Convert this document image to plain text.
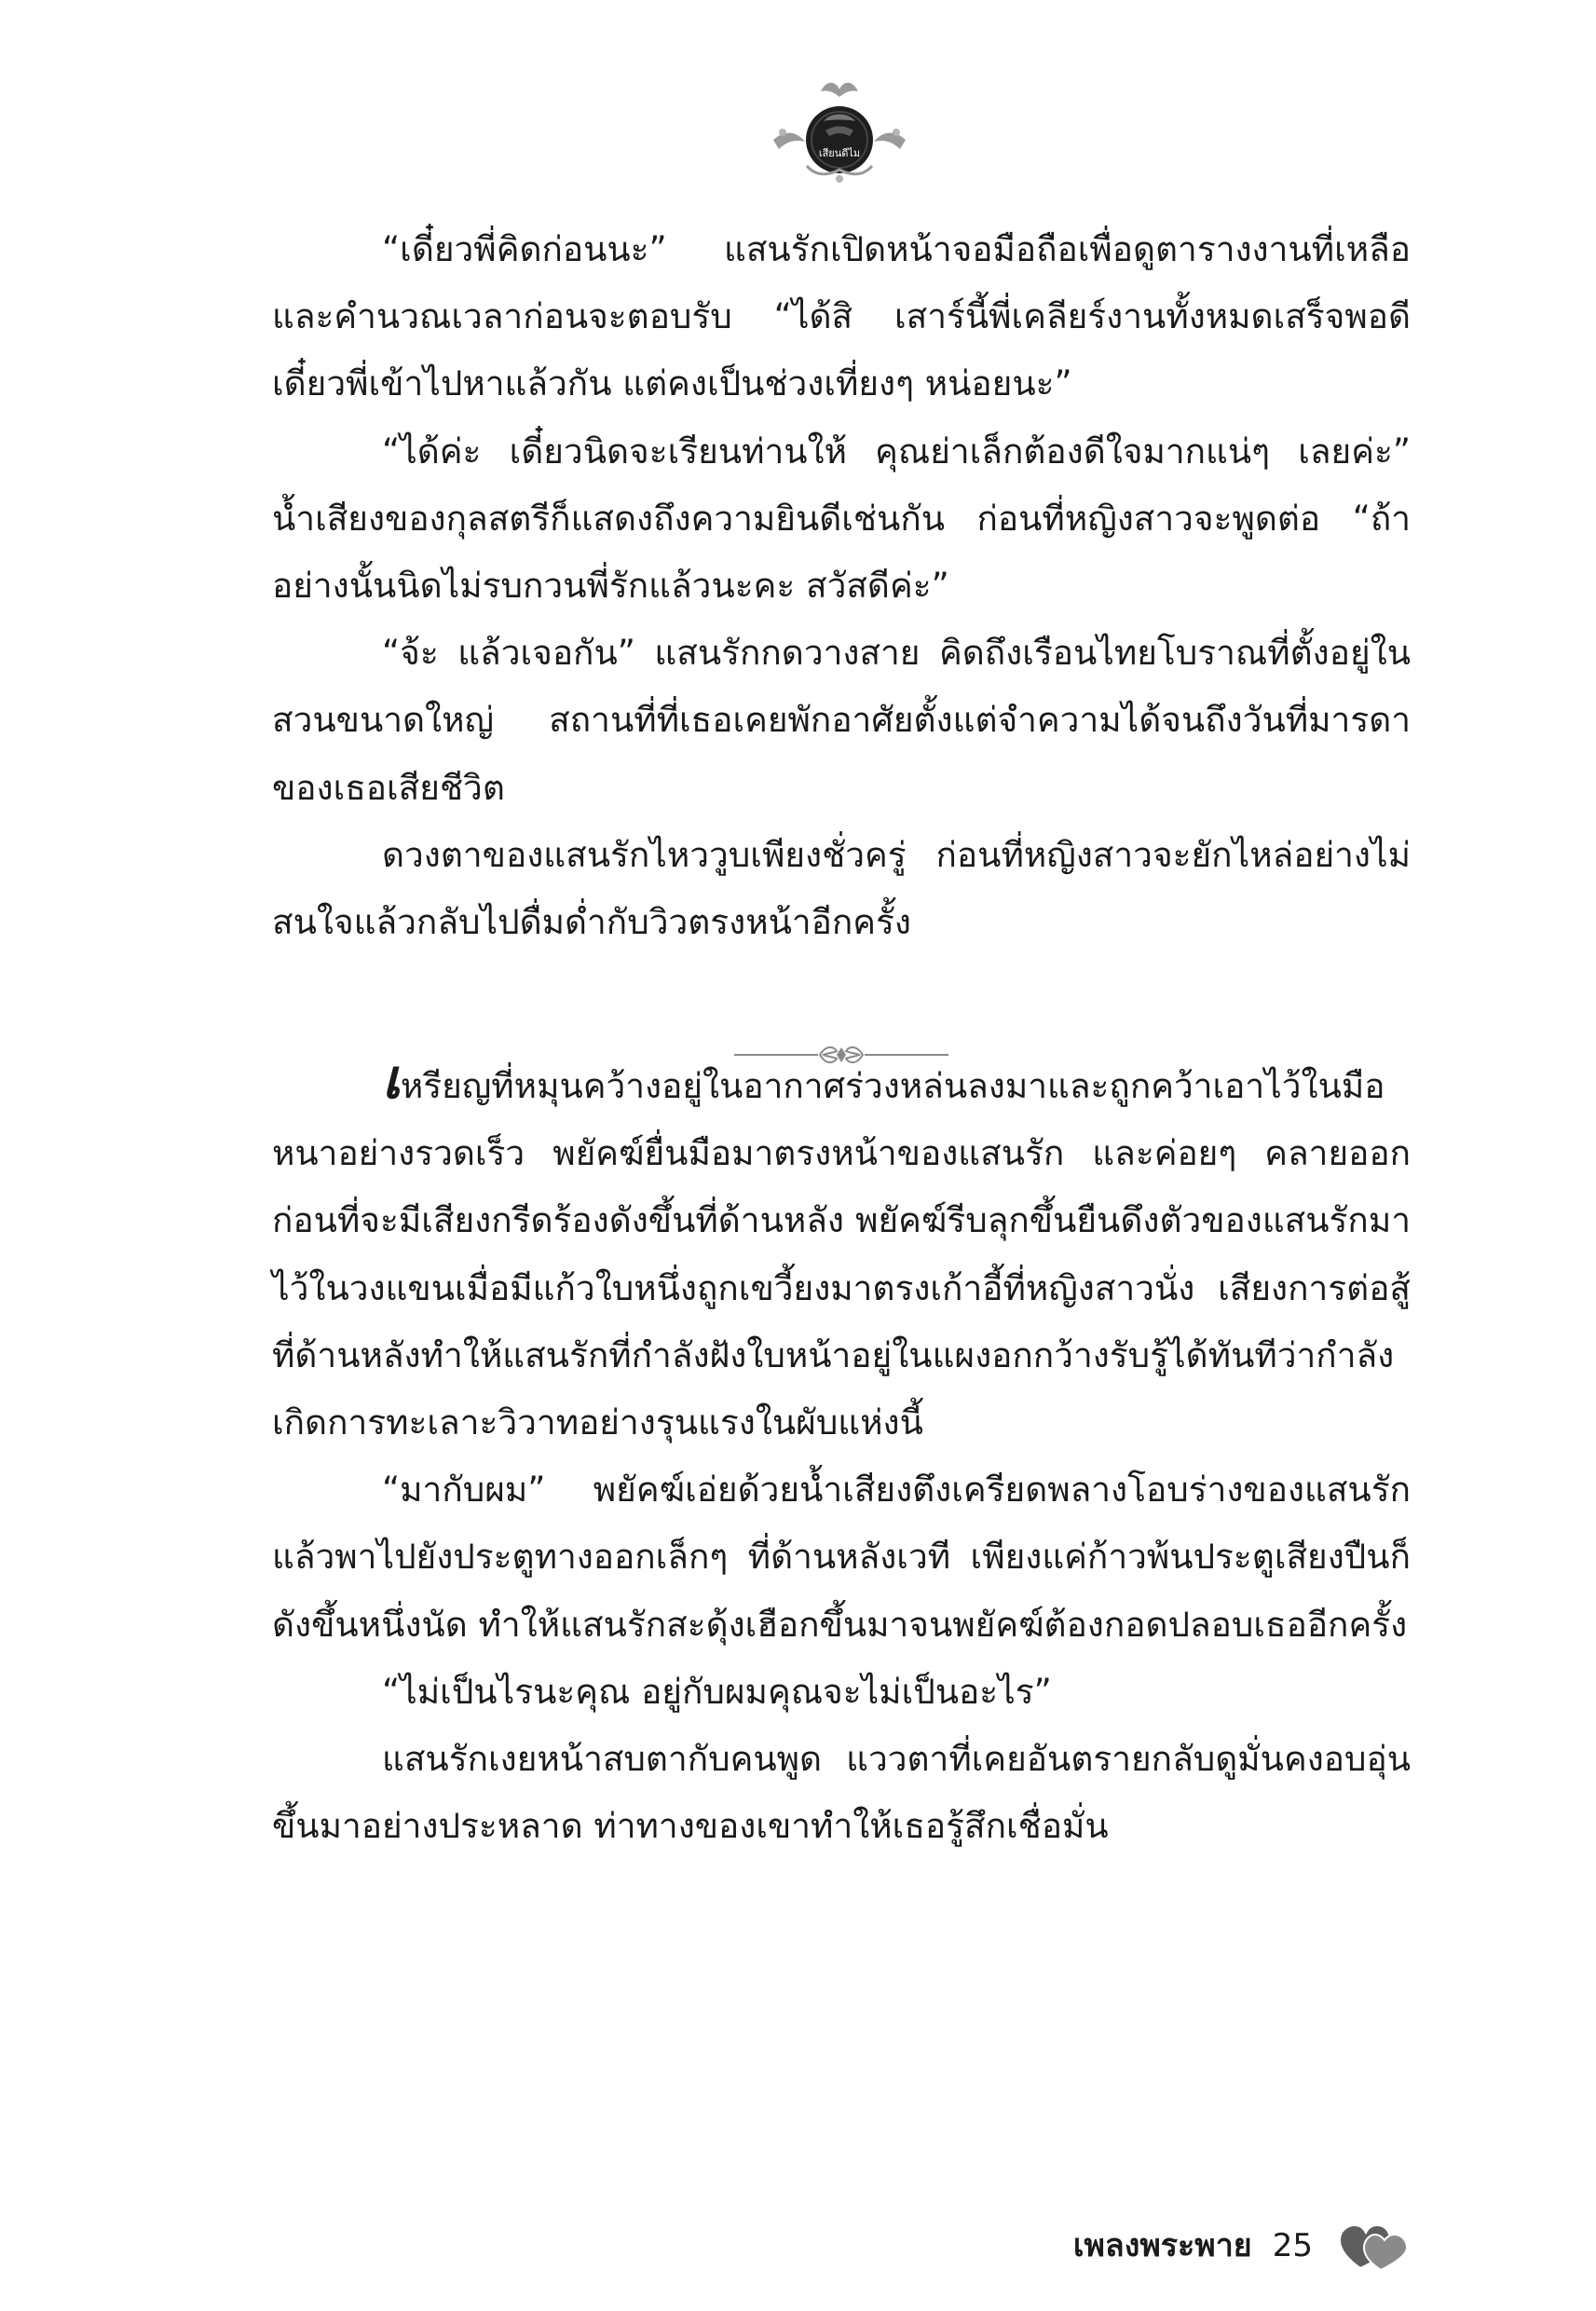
เสียนดีไม

“เดี๋ยวพี่คิดก่อนนะ” แสนรักเปิดหน้าจอมือถือเพื่อดูตารางงานที่เหลือและคำนวณเวลาก่อนจะตอบรับ “ได้สิ เสาร์นี้พี่เคลียร์งานทั้งหมดเสร็จพอดี เดี๋ยวพี่เข้าไปหาแล้วกัน แต่คงเป็นช่วงเที่ยงๆ หน่อยนะ”

“ได้ค่ะ เดี๋ยวนิดจะเรียนท่านให้ คุณย่าเล็กต้องดีใจมากแน่ๆ เลยค่ะ” น้ำเสียงของกุลสตรีก็แสดงถึงความยินดีเช่นกัน ก่อนที่หญิงสาวจะพูดต่อ “ถ้าอย่างนั้นนิดไม่รบกวนพี่รักแล้วนะคะ สวัสดีค่ะ”

“จ้ะ แล้วเจอกัน” แสนรักกดวางสาย คิดถึงเรือนไทยโบราณที่ตั้งอยู่ในสวนขนาดใหญ่ สถานที่ที่เธอเคยพักอาศัยตั้งแต่จำความได้จนถึงวันที่มารดาของเธอเสียชีวิต

ดวงตาของแสนรักไหววูบเพียงชั่วครู่ ก่อนที่หญิงสาวจะยักไหล่อย่างไม่สนใจแล้วกลับไปดื่มด่ำกับวิวตรงหน้าอีกครั้ง

เหรียญที่หมุนคว้างอยู่ในอากาศร่วงหล่นลงมาและถูกคว้าเอาไว้ในมือหนาอย่างรวดเร็ว พยัคฆ์ยื่นมือมาตรงหน้าของแสนรัก และค่อยๆ คลายออกก่อนที่จะมีเสียงกรีดร้องดังขึ้นที่ด้านหลัง พยัคฆ์รีบลุกขึ้นยืนดึงตัวของแสนรักมาไว้ในวงแขนเมื่อมีแก้วใบหนึ่งถูกเขวี้ยงมาตรงเก้าอี้ที่หญิงสาวนั่ง เสียงการต่อสู้ที่ด้านหลังทำให้แสนรักที่กำลังฝังใบหน้าอยู่ในแผงอกกว้างรับรู้ได้ทันทีว่ากำลังเกิดการทะเลาะวิวาทอย่างรุนแรงในผับแห่งนี้

“มากับผม” พยัคฆ์เอ่ยด้วยน้ำเสียงตึงเครียดพลางโอบร่างของแสนรักแล้วพาไปยังประตูทางออกเล็กๆ ที่ด้านหลังเวที เพียงแค่ก้าวพ้นประตูเสียงปืนก็ดังขึ้นหนึ่งนัด ทำให้แสนรักสะดุ้งเฮือกขึ้นมาจนพยัคฆ์ต้องกอดปลอบเธออีกครั้ง

“ไม่เป็นไรนะคุณ อยู่กับผมคุณจะไม่เป็นอะไร”

แสนรักเงยหน้าสบตากับคนพูด แววตาที่เคยอันตรายกลับดูมั่นคงอบอุ่นขึ้นมาอย่างประหลาด ท่าทางของเขาทำให้เธอรู้สึกเชื่อมั่น

เพลงพระพาย 25
